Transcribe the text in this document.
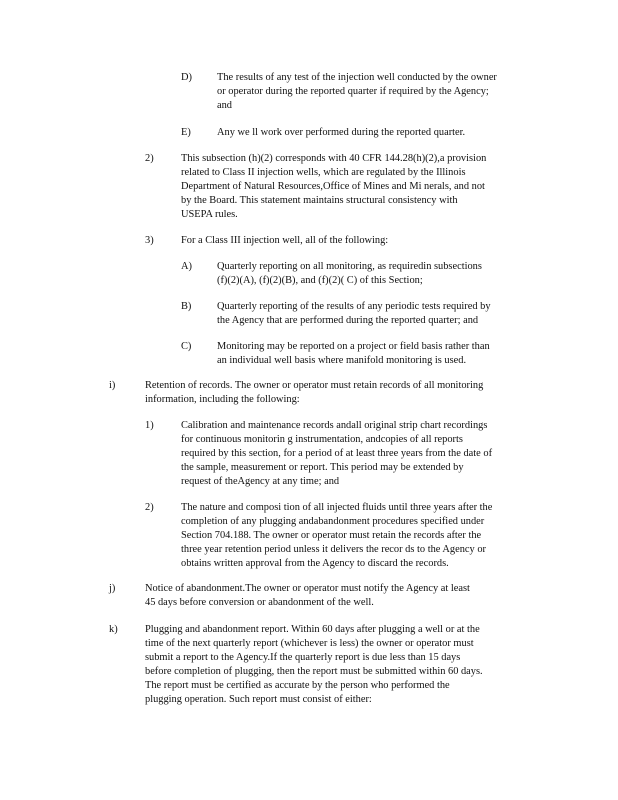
D) The results of any test of the injection well conducted by the owner
or operator during the reported quarter if required by the Agency;
and
E)	Any we ll work over performed during the reported quarter.
2)	This subsection (h)(2) corresponds with 40 CFR 144.28(h)(2),a provision
related to Class II injection wells, which are regulated by the Illinois
Department of Natural Resources,Office of Mines and Mi nerals, and not
by the Board. This statement maintains structural consistency with
USEPA rules.
3)	For a Class III injection well, all of the following:
A) Quarterly reporting on all monitoring, as requiredin subsections
(f)(2)(A), (f)(2)(B), and (f)(2)( C) of this Section;
B) Quarterly reporting of the results of any periodic tests required by
the Agency that are performed during the reported quarter; and
C) Monitoring may be reported on a project or field basis rather than
an individual well basis where manifold monitoring is used.
i)	Retention of records. The owner or operator must retain records of all monitoring
information, including the following:
1)	Calibration and maintenance records andall original strip chart recordings
for continuous monitorin g instrumentation, andcopies of all reports
required by this section, for a period of at least three years from the date of
the sample, measurement or report. This period may be extended by
request of theAgency at any time; and
2)	The nature and composi tion of all injected fluids until three years after the
completion of any plugging andabandonment procedures specified under
Section 704.188. The owner or operator must retain the records after the
three year retention period unless it delivers the recor ds to the Agency or
obtains written approval from the Agency to discard the records.
j)	Notice of abandonment.The owner or operator must notify the Agency at least
45 days before conversion or abandonment of the well.
k)	Plugging and abandonment report. Within 60 days after plugging a well or at the
time of the next quarterly report (whichever is less) the owner or operator must
submit a report to the Agency.If the quarterly report is due less than 15 days
before completion of plugging, then the report must be submitted within 60 days.
The report must be certified as accurate by the person who performed the
plugging operation. Such report must consist of either:
